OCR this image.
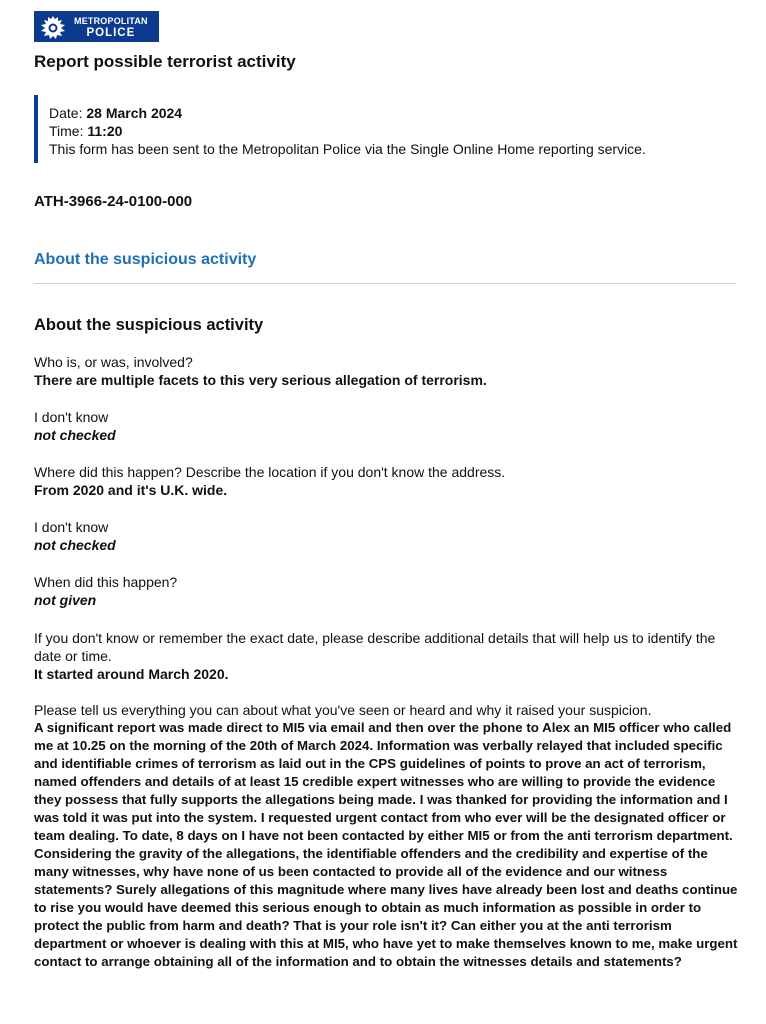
METROPOLITAN
POLICE
Report possible terrorist activity
Date: 28 March 2024
Time: 11:20
This form has been sent to the Metropolitan Police via the Single Online Home reporting service.
ATH-3966-24-0100-000
About the suspicious activity
About the suspicious activity
Who is, or was, involved?
There are multiple facets to this very serious allegation of terrorism.
I don't know
not checked
Where did this happen? Describe the location if you don't know the address.
From 2020 and it's U.K. wide.
I don't know
not checked
When did this happen?
not given
If you don't know or remember the exact date, please describe additional details that will help us to identify the date or time.
It started around March 2020.
Please tell us everything you can about what you've seen or heard and why it raised your suspicion.
A significant report was made direct to MI5 via email and then over the phone to Alex an MI5 officer who called me at 10.25 on the morning of the 20th of March 2024. Information was verbally relayed that included specific and identifiable crimes of terrorism as laid out in the CPS guidelines of points to prove an act of terrorism, named offenders and details of at least 15 credible expert witnesses who are willing to provide the evidence they possess that fully supports the allegations being made. I was thanked for providing the information and I was told it was put into the system. I requested urgent contact from who ever will be the designated officer or team dealing. To date, 8 days on I have not been contacted by either MI5 or from the anti terrorism department. Considering the gravity of the allegations, the identifiable offenders and the credibility and expertise of the many witnesses, why have none of us been contacted to provide all of the evidence and our witness statements? Surely allegations of this magnitude where many lives have already been lost and deaths continue to rise you would have deemed this serious enough to obtain as much information as possible in order to protect the public from harm and death? That is your role isn't it? Can either you at the anti terrorism department or whoever is dealing with this at MI5, who have yet to make themselves known to me, make urgent contact to arrange obtaining all of the information and to obtain the witnesses details and statements?
